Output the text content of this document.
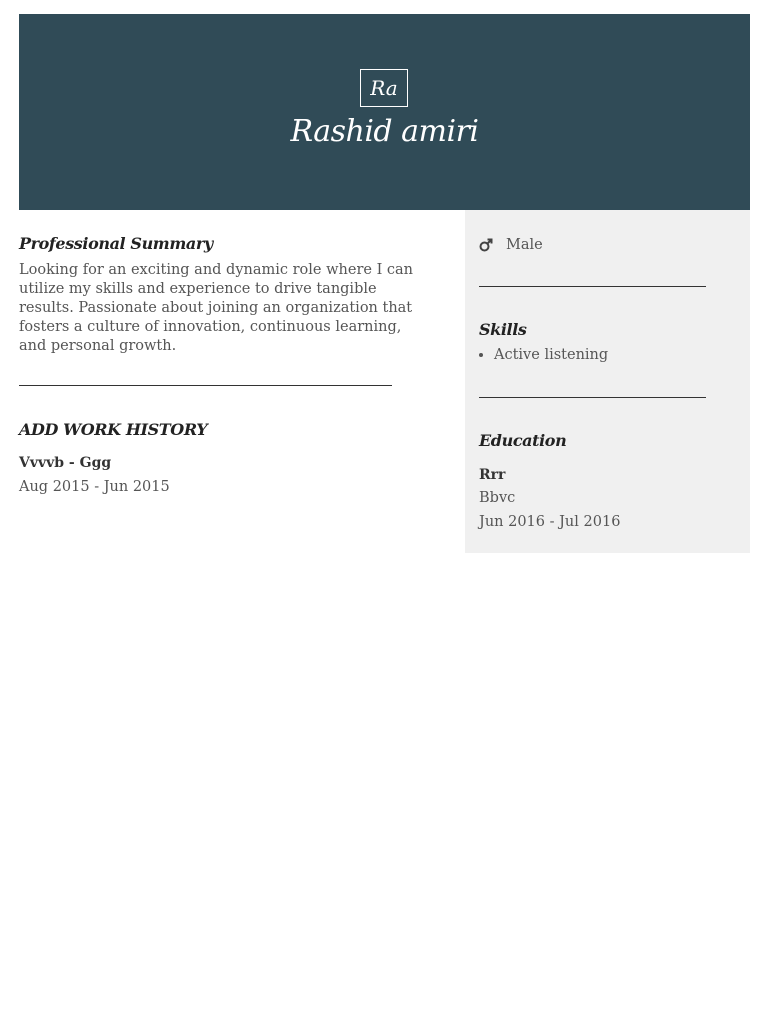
Ra
Rashid amiri
Professional Summary

Looking for an exciting and dynamic role where I can utilize my skills and experience to drive tangible results. Passionate about joining an organization that fosters a culture of innovation, continuous learning, and personal growth.

ADD WORK HISTORY
Vvvvb - Ggg
Aug 2015 - Jun 2015
Male
Skills
• Active listening
Education
Rrr
Bbvc
Jun 2016 - Jul 2016
